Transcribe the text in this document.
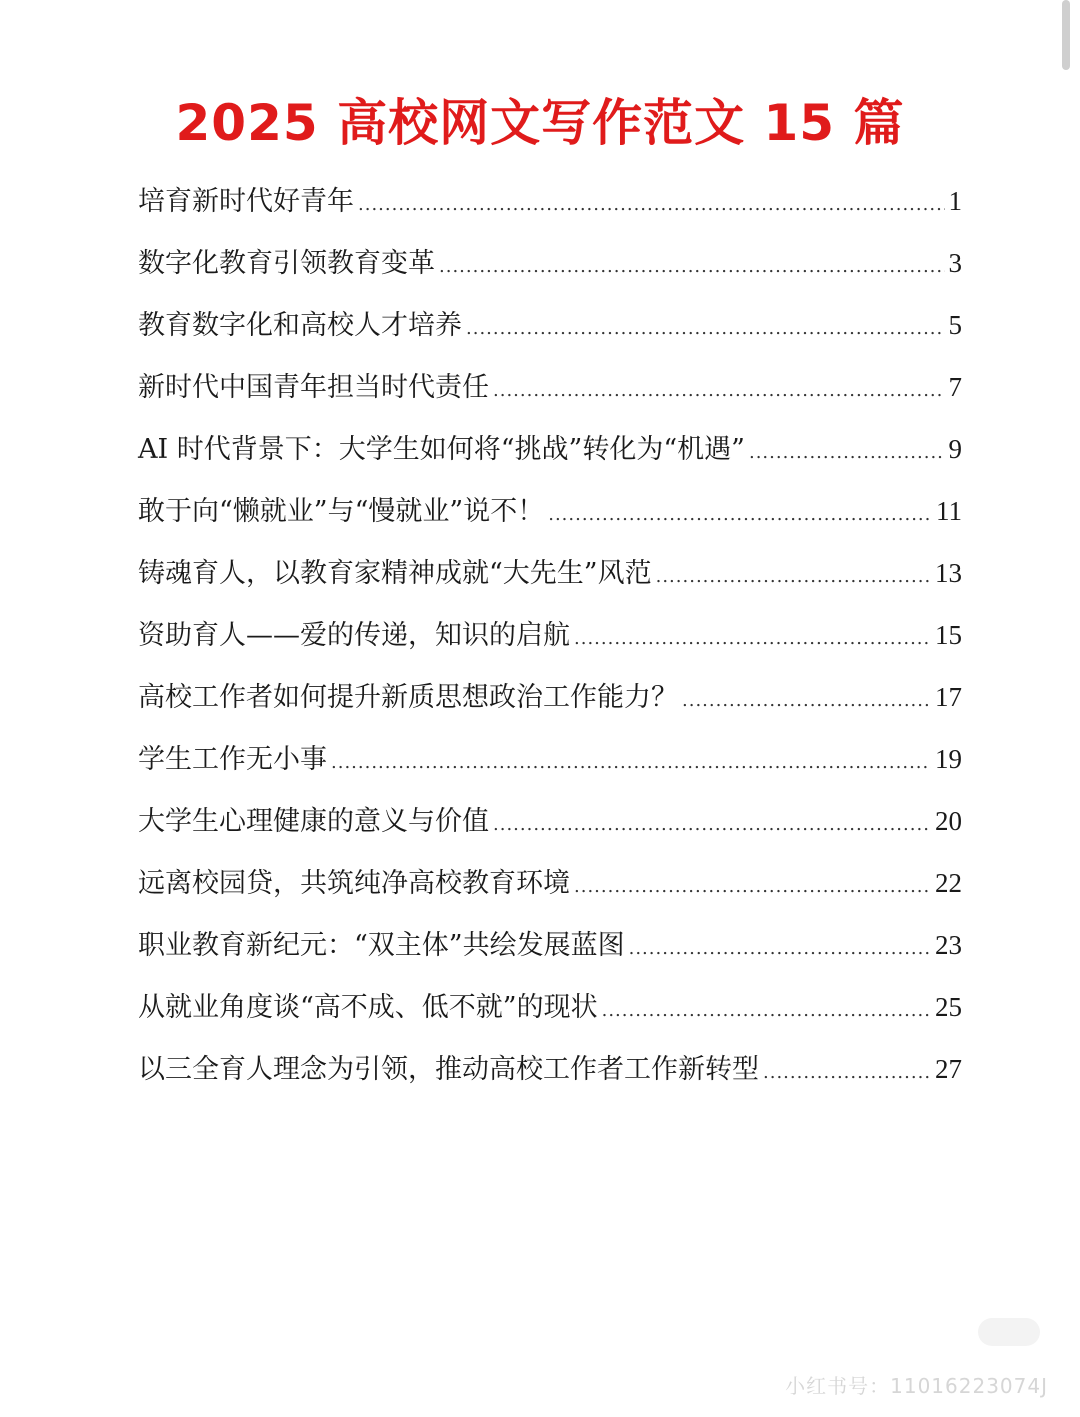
2025 高校网文写作范文 15 篇
培育新时代好青年 .....	1
数字化教育引领教育变革 .....	3
教育数字化和高校人才培养 .....	5
新时代中国青年担当时代责任 .....	7
AI 时代背景下：大学生如何将“挑战”转化为“机遇” .....	9
敢于向“懒就业”与“慢就业”说不！ .....	11
铸魂育人，以教育家精神成就“大先生”风范 .....	13
资助育人——爱的传递，知识的启航 .....	15
高校工作者如何提升新质思想政治工作能力？ .....	17
学生工作无小事 .....	19
大学生心理健康的意义与价值 .....	20
远离校园贷，共筑纯净高校教育环境 .....	22
职业教育新纪元：“双主体”共绘发展蓝图 .....	23
从就业角度谈“高不成、低不就”的现状 .....	25
以三全育人理念为引领，推动高校工作者工作新转型 .....	27
小红书号：11016223074J
